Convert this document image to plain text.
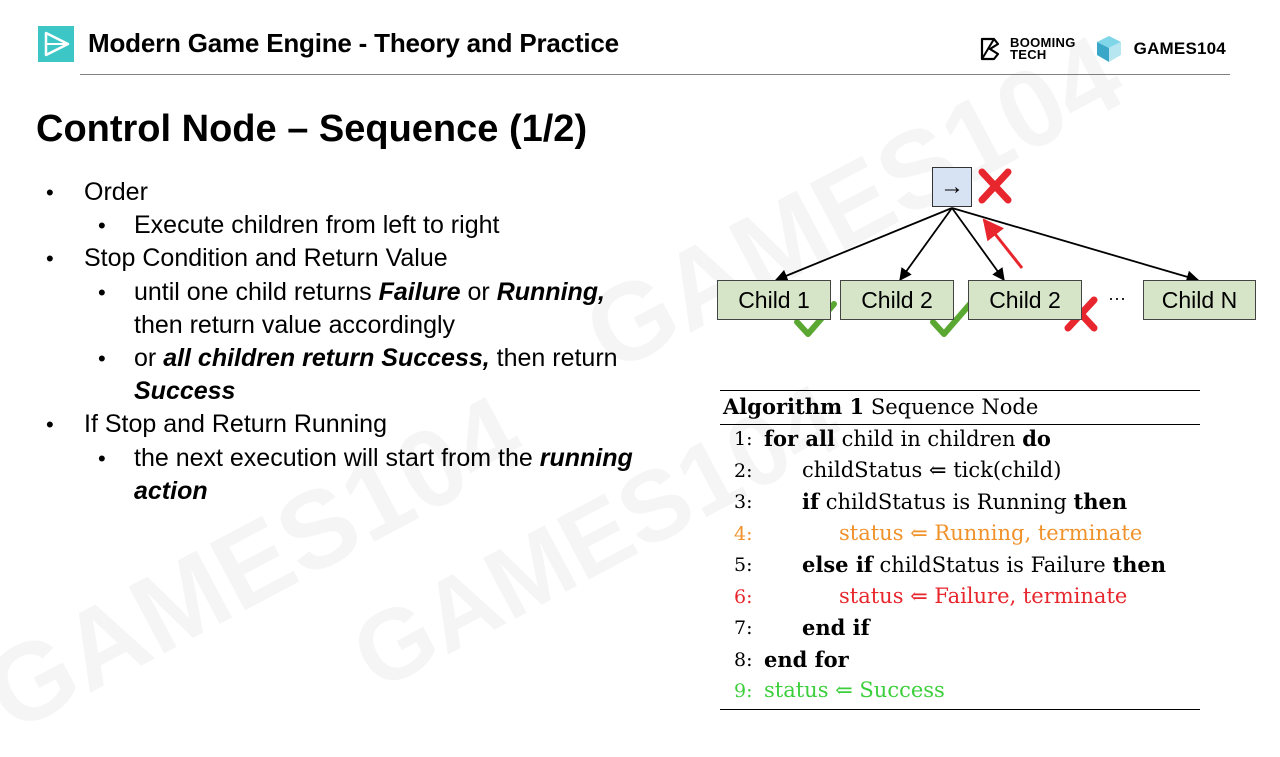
Modern Game Engine - Theory and Practice	BOOMING
TECH	GAMES104
Control Node – Sequence (1/2)
• Order
• Execute children from left to right
• Stop Condition and Return Value
• until one child returns Failure or Running,
then return value accordingly
• or all children return Success, then return
Success
• If Stop and Return Running
• the next execution will start from the running
action
→
Child 1	Child 2	Child 2	···	Child N
Algorithm 1 Sequence Node
1: for all child in children do
2:	childStatus ⇐ tick(child)
3:	if childStatus is Running then
4:	status ⇐ Running, terminate
5:	else if childStatus is Failure then
6:	status ⇐ Failure, terminate
7:	end if
8: end for
9: status ⇐ Success
